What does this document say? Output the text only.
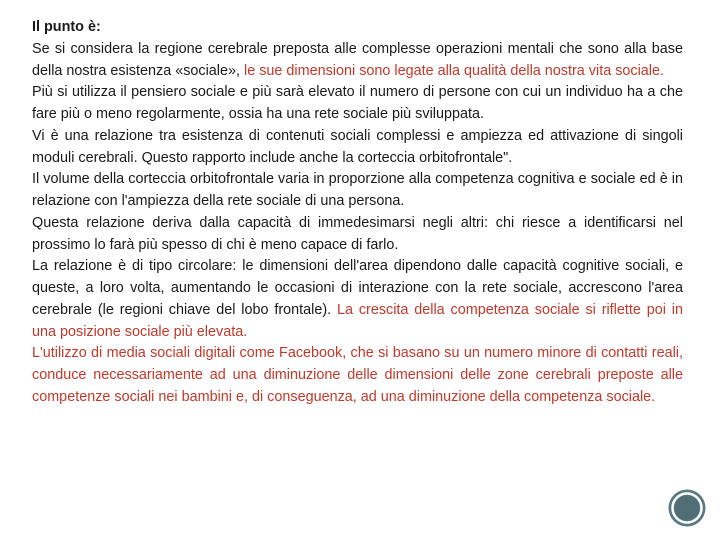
Il punto è:

Se si considera la regione cerebrale preposta alle complesse operazioni mentali che sono alla base della nostra esistenza «sociale», le sue dimensioni sono legate alla qualità della nostra vita sociale.

Più si utilizza il pensiero sociale e più sarà elevato il numero di persone con cui un individuo ha a che fare più o meno regolarmente, ossia ha una rete sociale più sviluppata.

Vi è una relazione tra esistenza di contenuti sociali complessi e ampiezza ed attivazione di singoli moduli cerebrali. Questo rapporto include anche la corteccia orbitofrontale".

Il volume della corteccia orbitofrontale varia in proporzione alla competenza cognitiva e sociale ed è in relazione con l'ampiezza della rete sociale di una persona.

Questa relazione deriva dalla capacità di immedesimarsi negli altri: chi riesce a identificarsi nel prossimo lo farà più spesso di chi è meno capace di farlo.

La relazione è di tipo circolare: le dimensioni dell'area dipendono dalle capacità cognitive sociali, e queste, a loro volta, aumentando le occasioni di interazione con la rete sociale, accrescono l'area cerebrale (le regioni chiave del lobo frontale). La crescita della competenza sociale si riflette poi in una posizione sociale più elevata.

L'utilizzo di media sociali digitali come Facebook, che si basano su un numero minore di contatti reali, conduce necessariamente ad una diminuzione delle dimensioni delle zone cerebrali preposte alle competenze sociali nei bambini e, di conseguenza, ad una diminuzione della competenza sociale.
